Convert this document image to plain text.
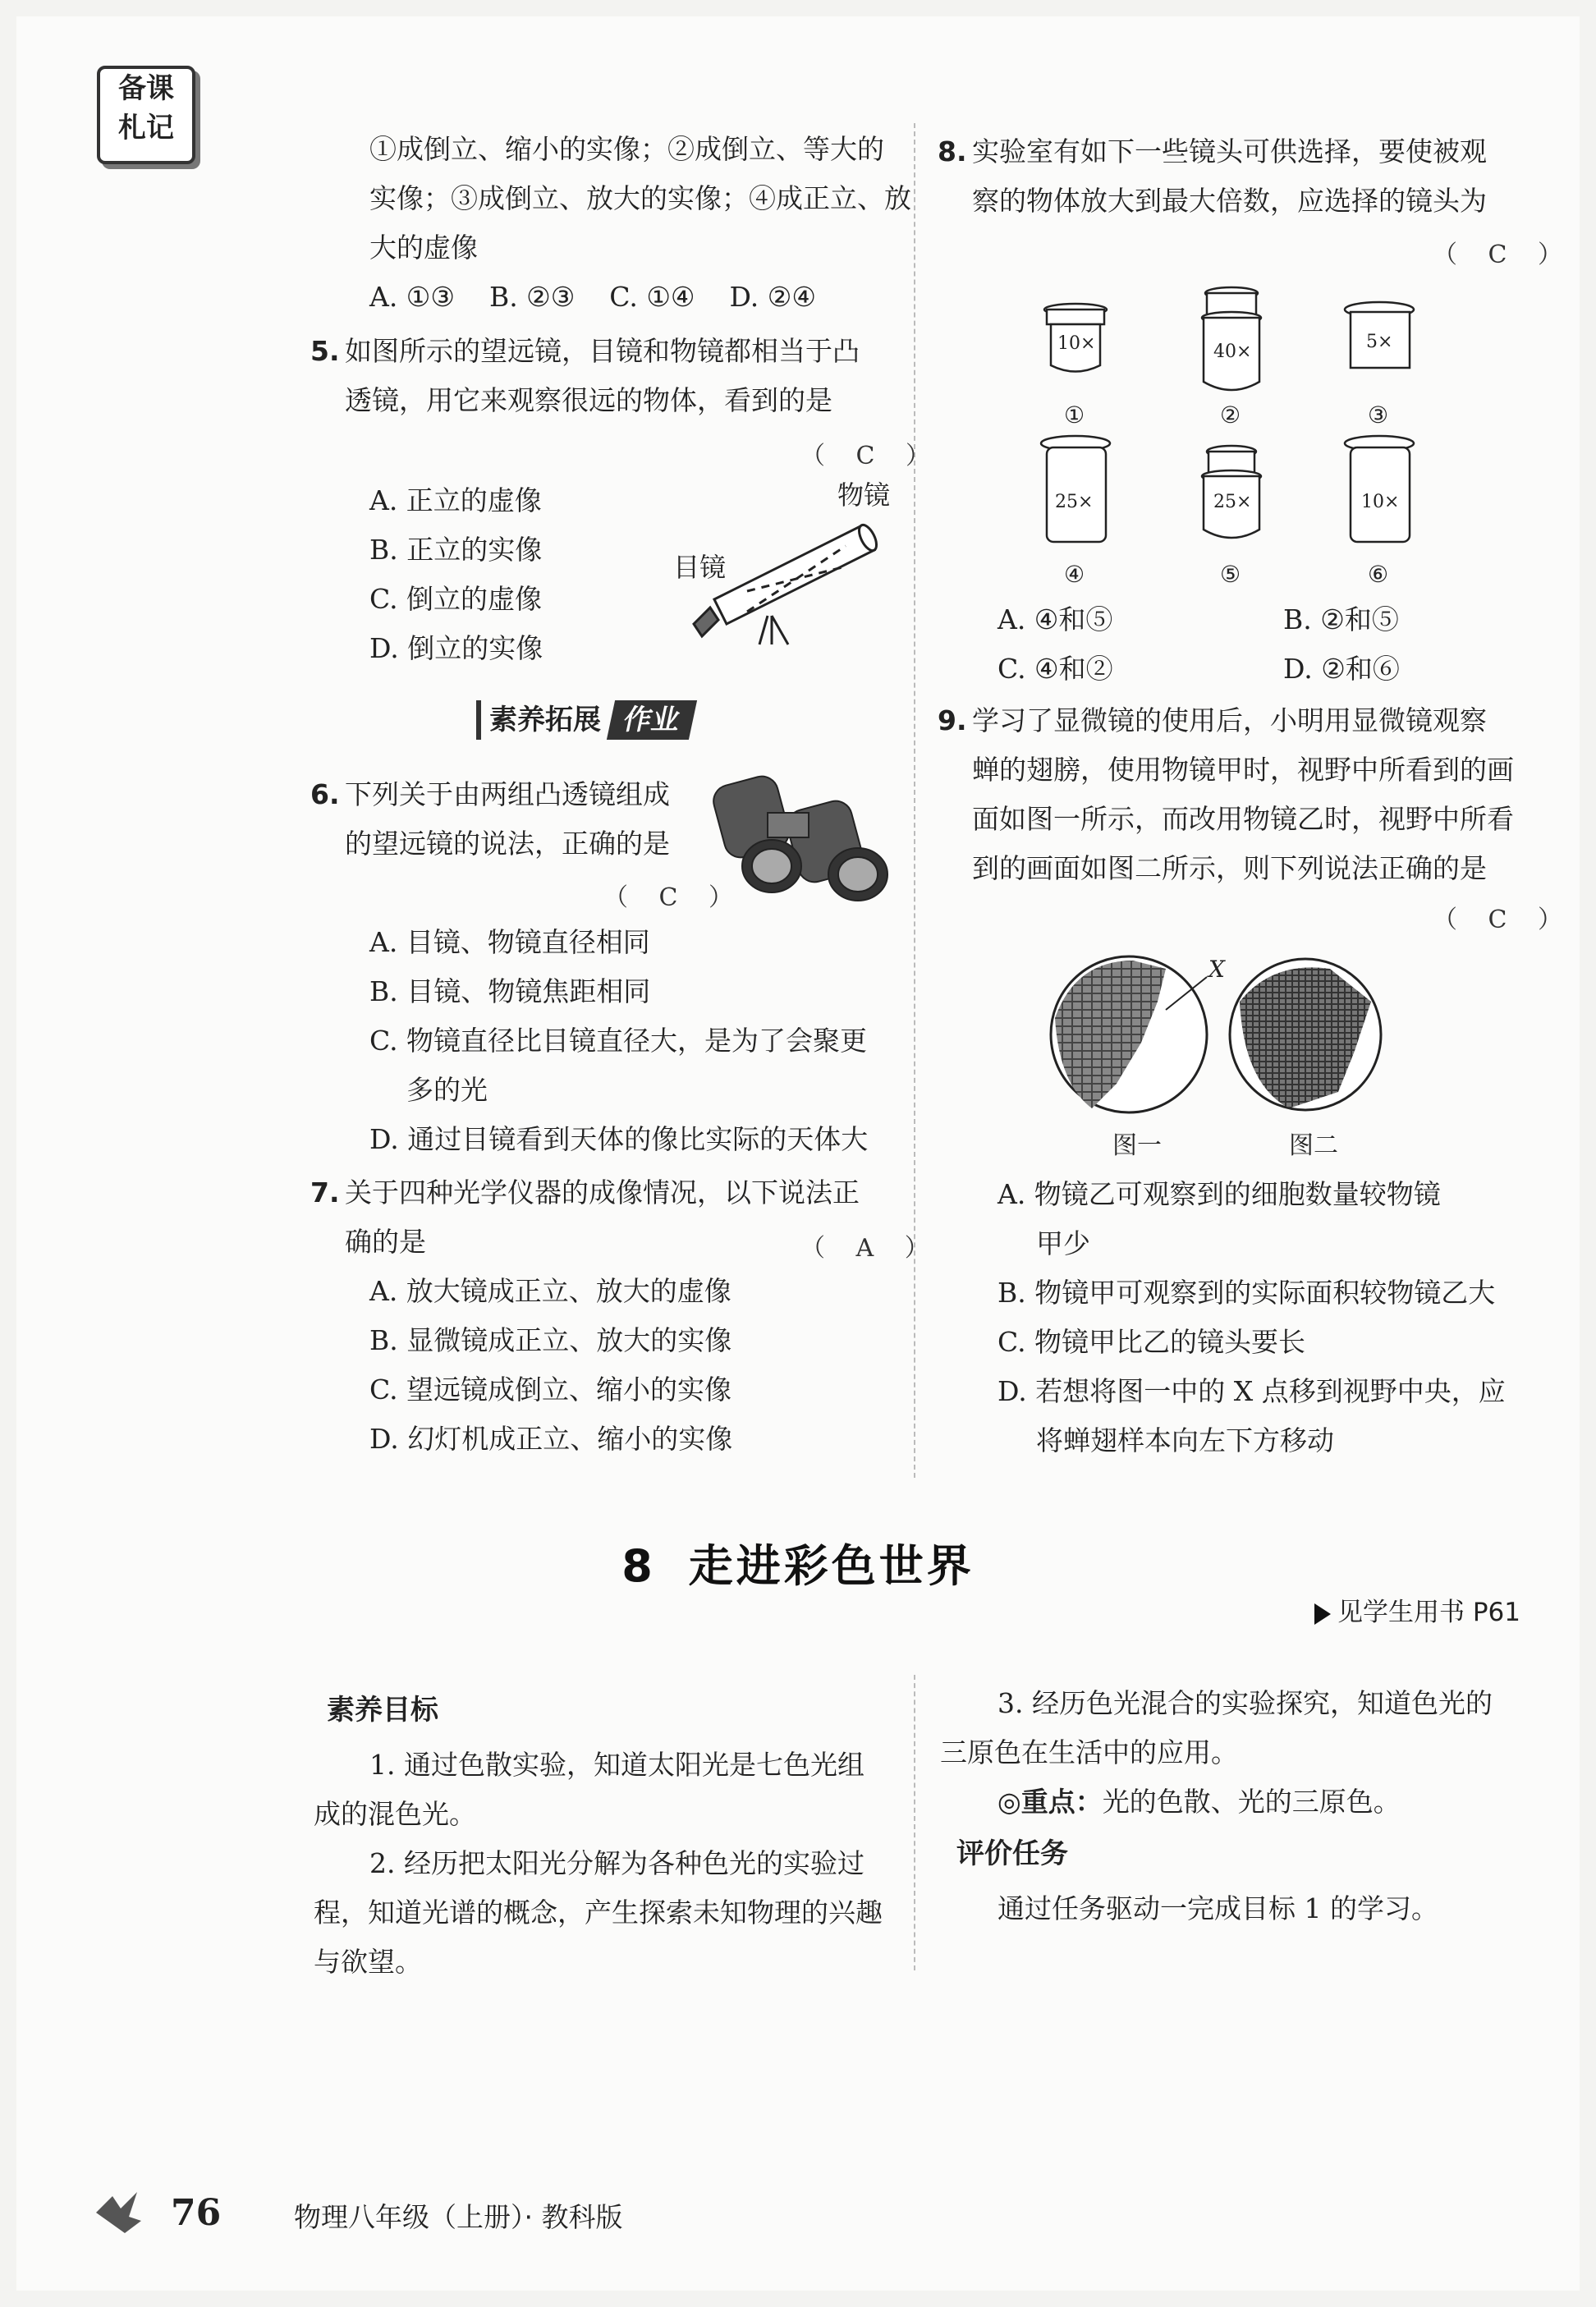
备课
札记
①成倒立、缩小的实像；②成倒立、等大的
实像；③成倒立、放大的实像；④成正立、放
大的虚像
A. ①③    B. ②③    C. ①④    D. ②④
5. 如图所示的望远镜，目镜和物镜都相当于凸
透镜，用它来观察很远的物体，看到的是
（ C ）
A. 正立的虚像
B. 正立的实像
C. 倒立的虚像
D. 倒立的实像
物镜
目镜
素养拓展 作业
6. 下列关于由两组凸透镜组成
的望远镜的说法，正确的是
（ C ）
A. 目镜、物镜直径相同
B. 目镜、物镜焦距相同
C. 物镜直径比目镜直径大，是为了会聚更
多的光
D. 通过目镜看到天体的像比实际的天体大
7. 关于四种光学仪器的成像情况，以下说法正
确的是	（ A ）
A. 放大镜成正立、放大的虚像
B. 显微镜成正立、放大的实像
C. 望远镜成倒立、缩小的实像
D. 幻灯机成正立、缩小的实像
8. 实验室有如下一些镜头可供选择，要使被观
察的物体放大到最大倍数，应选择的镜头为
（ C ）
10×	40×	5×
25×	25×	10×
①	②	③
④	⑤	⑥
A. ④和⑤	B. ②和⑤
C. ④和②	D. ②和⑥
9. 学习了显微镜的使用后，小明用显微镜观察
蝉的翅膀，使用物镜甲时，视野中所看到的画
面如图一所示，而改用物镜乙时，视野中所看
到的画面如图二所示，则下列说法正确的是
（ C ）
X
图一	图二
A. 物镜乙可观察到的细胞数量较物镜
甲少
B. 物镜甲可观察到的实际面积较物镜乙大
C. 物镜甲比乙的镜头要长
D. 若想将图一中的 X 点移到视野中央，应
将蝉翅样本向左下方移动
8 走进彩色世界
见学生用书 P61
素养目标
1. 通过色散实验，知道太阳光是七色光组
成的混色光。
2. 经历把太阳光分解为各种色光的实验过
程，知道光谱的概念，产生探索未知物理的兴趣
与欲望。
3. 经历色光混合的实验探究，知道色光的
三原色在生活中的应用。
◎重点：光的色散、光的三原色。
评价任务
通过任务驱动一完成目标 1 的学习。
76	物理八年级（上册）· 教科版
